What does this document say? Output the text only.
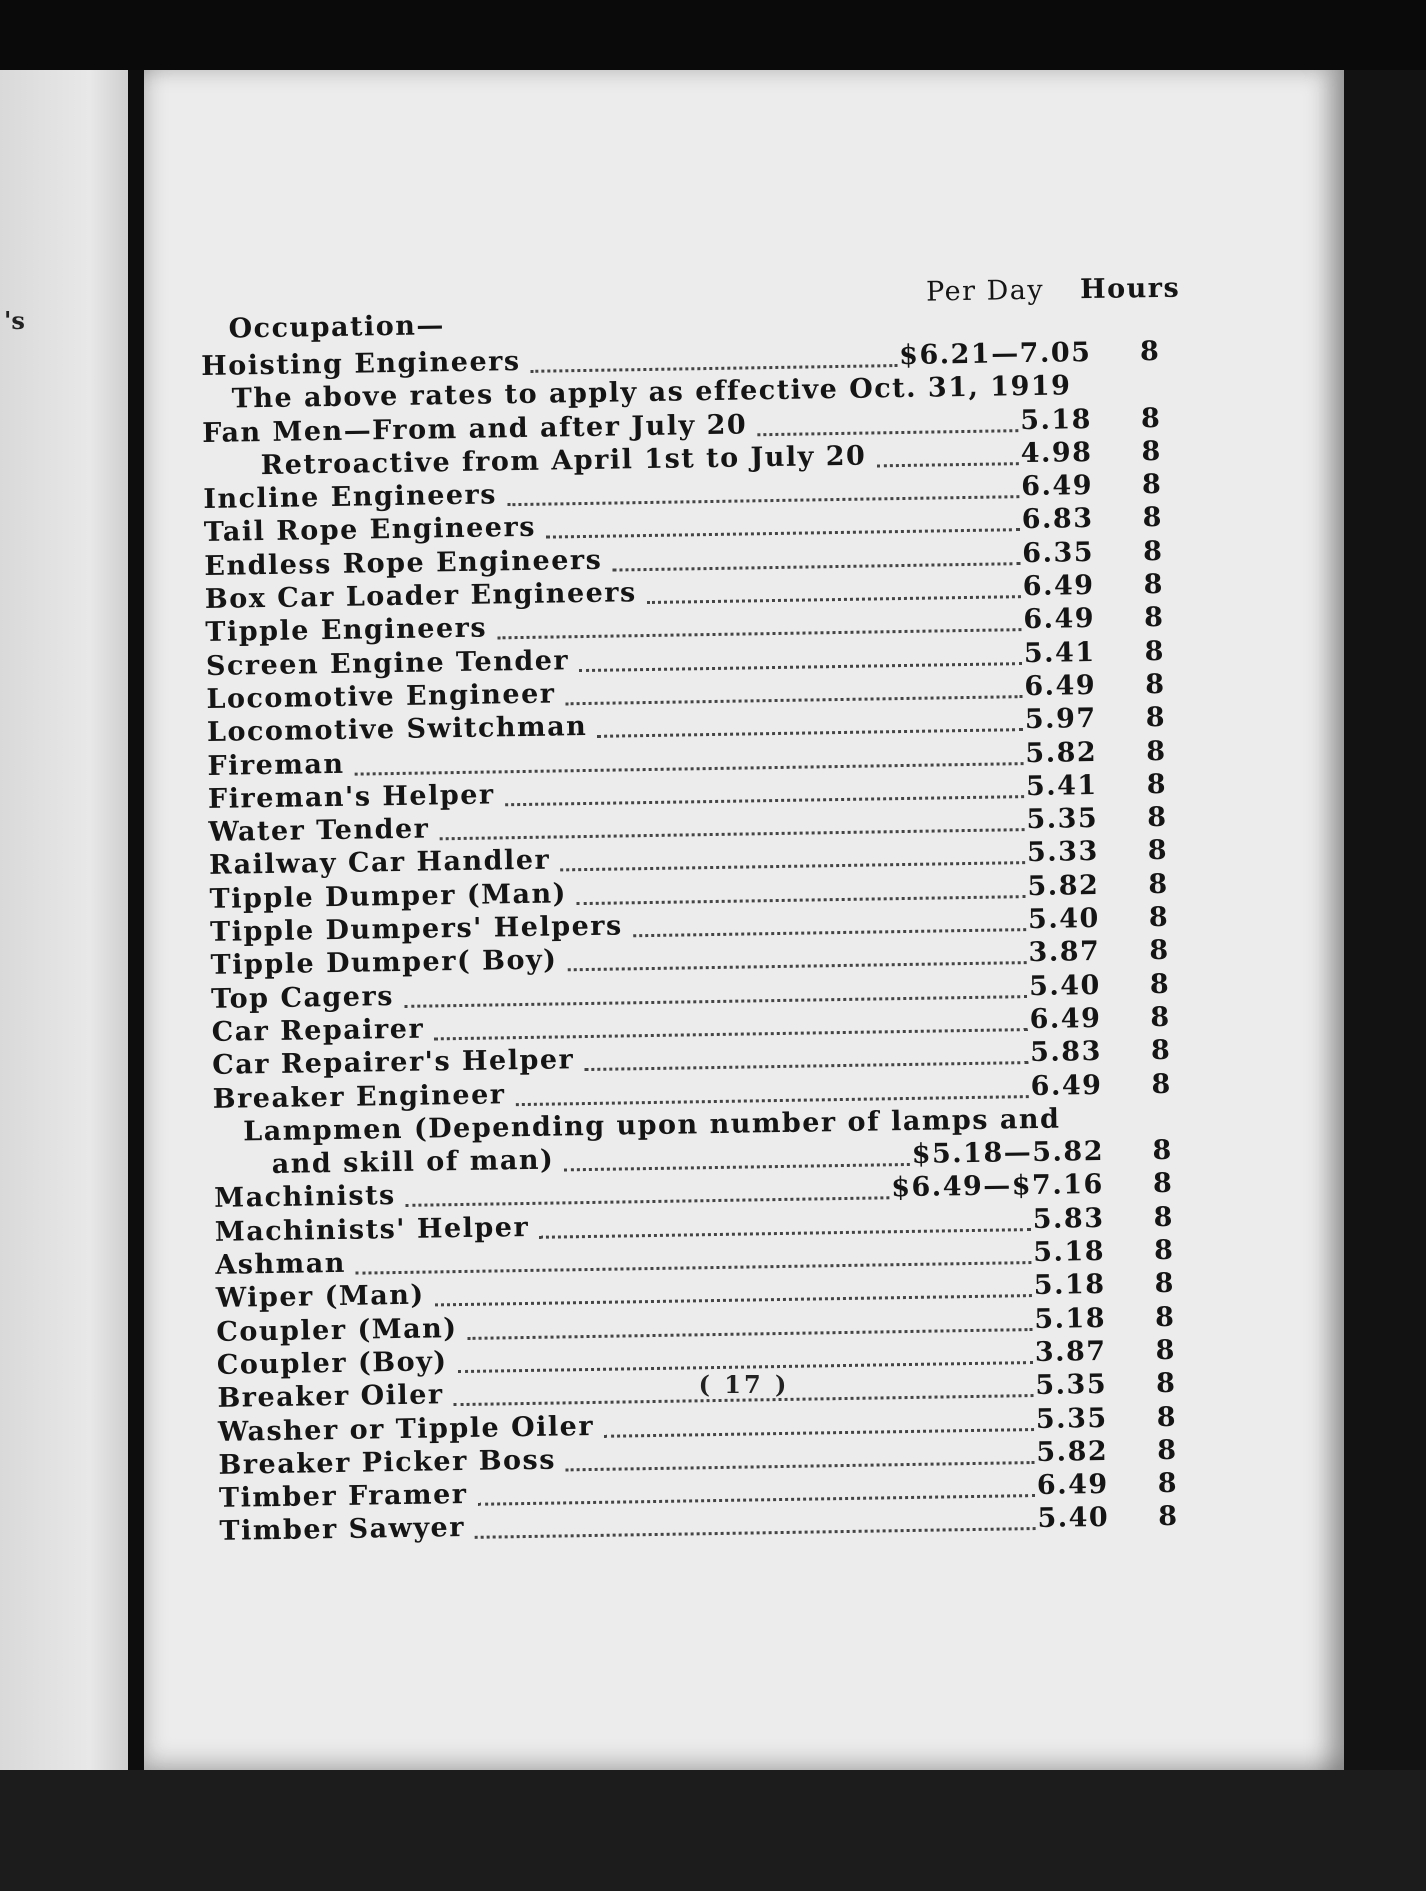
's	Occupation—
Per Day Hours
Hoisting Engineers	$6.21—7.05 8
The above rates to apply as effective Oct. 31, 1919
Fan Men—From and after July 20	5.18 8
Retroactive from April 1st to July 20	4.98 8
Incline Engineers	6.49 8
Tail Rope Engineers	6.83 8
Endless Rope Engineers	6.35 8
Box Car Loader Engineers	6.49 8
Tipple Engineers	6.49 8
Screen Engine Tender	5.41 8
Locomotive Engineer	6.49 8
Locomotive Switchman	5.97 8
Fireman	5.82 8
Fireman's Helper	5.41 8
Water Tender	5.35 8
Railway Car Handler	5.33 8
Tipple Dumper (Man)	5.82 8
Tipple Dumpers' Helpers	5.40 8
Tipple Dumper( Boy)	3.87 8
Top Cagers	5.40 8
Car Repairer	6.49 8
Car Repairer's Helper	5.83 8
Breaker Engineer	6.49 8
Lampmen (Depending upon number of lamps and
and skill of man)	$5.18—5.82 8
Machinists	$6.49—$7.16 8
Machinists' Helper	5.83 8
Ashman	5.18 8
Wiper (Man)	5.18 8
Coupler (Man)	5.18 8
Coupler (Boy)	3.87 8
Breaker Oiler	5.35 8
Washer or Tipple Oiler	5.35 8
Breaker Picker Boss	5.82 8
Timber Framer	6.49 8
Timber Sawyer	5.40 8
( 17 )
